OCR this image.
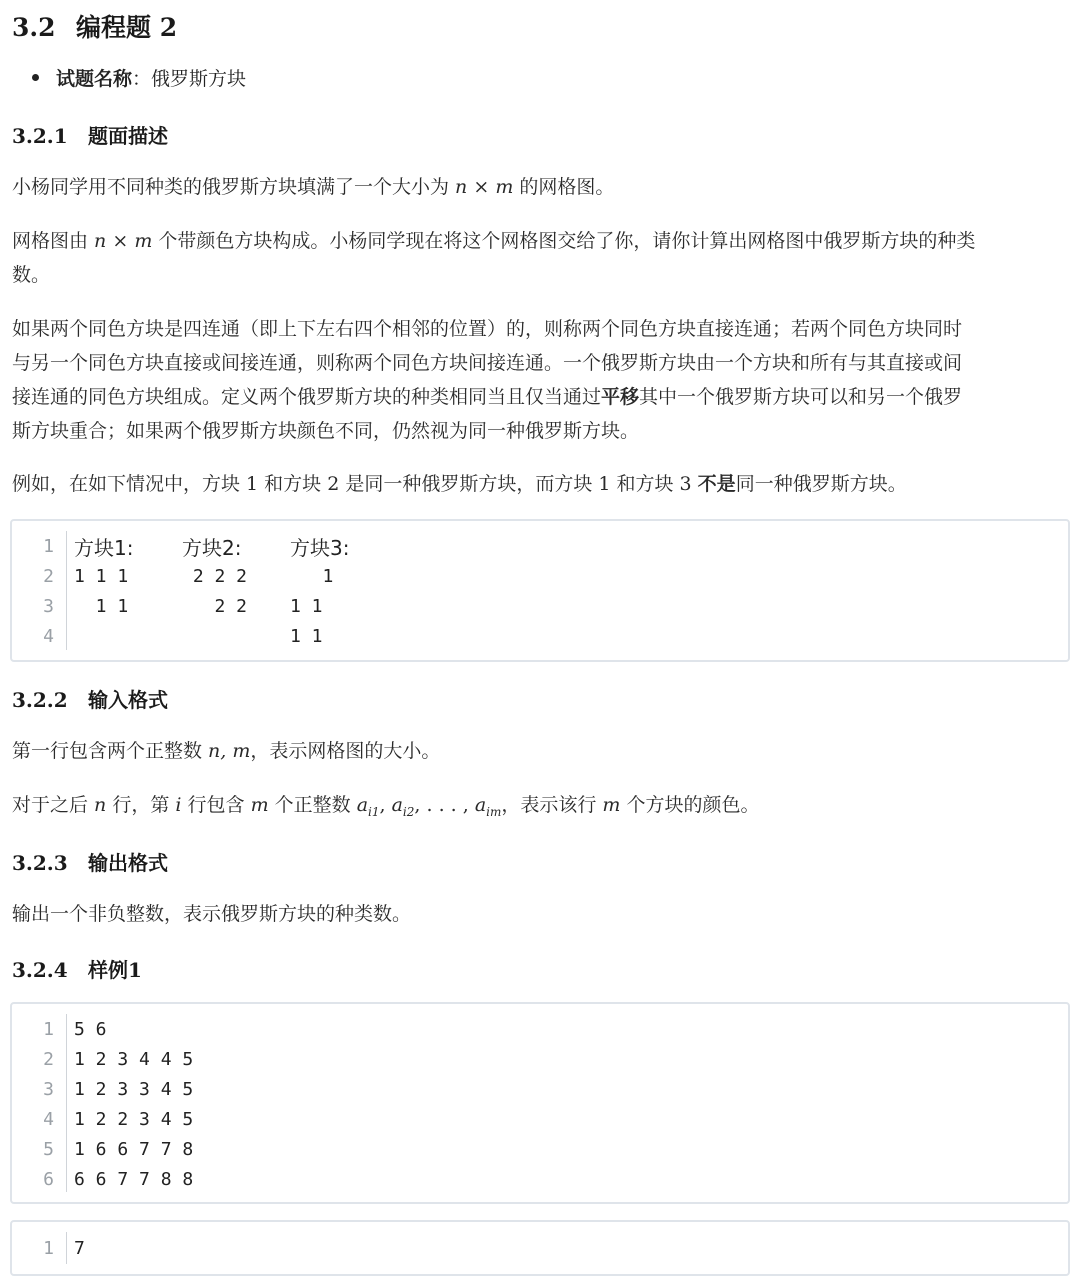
3.2 编程题 2
试题名称 ： 俄罗斯方块
3.2.1 题面描述

小杨同学用不同种类的俄罗斯方块填满了一个大小为 n × m 的网格图。

网格图由 n × m 个带颜色方块构成。小杨同学现在将这个网格图交给了你，请你计算出网格图中俄罗斯方块的种类
数。

如果两个同色方块是四连通（即上下左右四个相邻的位置）的，则称两个同色方块直接连通；若两个同色方块同时
与另一个同色方块直接或间接连通，则称两个同色方块间接连通。一个俄罗斯方块由一个方块和所有与其直接或间
接连通的同色方块组成。定义两个俄罗斯方块的种类相同当且仅当通过平移其中一个俄罗斯方块可以和另一个俄罗
斯方块重合；如果两个俄罗斯方块颜色不同，仍然视为同一种俄罗斯方块。

例如，在如下情况中，方块 1 和方块 2 是同一种俄罗斯方块，而方块 1 和方块 3 不是同一种俄罗斯方块。

1	方块1: 方块2: 方块3:
2	1 1 1	2 2 2   1
3	1 1	2 2 1 1
4	1 1
3.2.2 输入格式

第一行包含两个正整数 n, m，表示网格图的大小。

对于之后 n 行，第 i 行包含 m 个正整数 $a_{i1}$, $a_{i2}$, . . . , $a_{im}$，表示该行 m 个方块的颜色。

3.2.3 输出格式

输出一个非负整数，表示俄罗斯方块的种类数。

3.2.4 样例1
1	5 6
2	1 2 3 4 4 5
3	1 2 3 3 4 5
4	1 2 2 3 4 5
5	1 6 6 7 7 8
6	6 6 7 7 8 8
1	7
